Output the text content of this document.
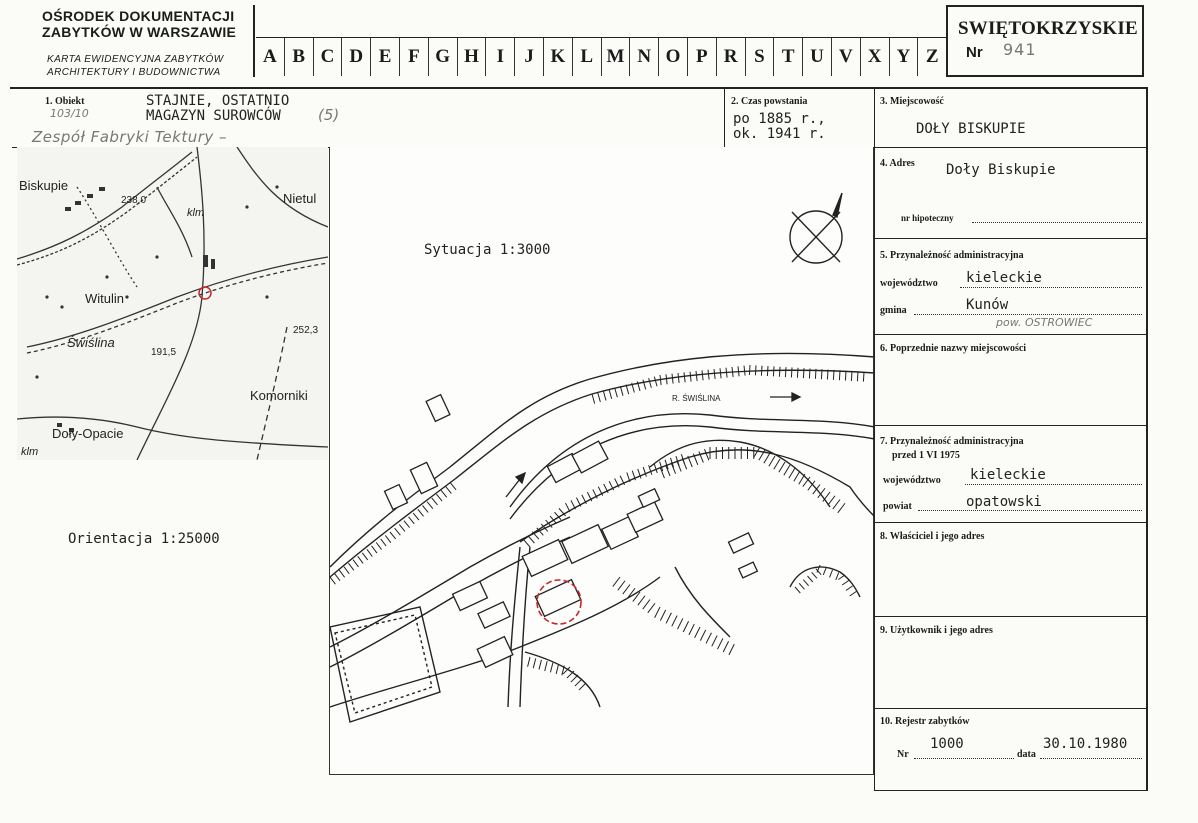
OŚRODEK DOKUMENTACJI
ZABYTKÓW W WARSZAWIE
KARTA EWIDENCYJNA ZABYTKÓW
ARCHITEKTURY I BUDOWNICTWA
A B C D E F G H I	J K L M N O P R S T U V X Y Z
SWIĘTOKRZYSKIE
Nr 941
1. Obiekt
103/10
STAJNIE, OSTATNIO
MAGAZYN SUROWCÓW (5)
Zespół Fabryki Tektury –
2. Czas powstania
po 1885 r.,
ok. 1941 r.
3. Miejscowość
DOŁY BISKUPIE
4. Adres Doły Biskupie
nr hipoteczny
5. Przynależność administracyjna
województwo kieleckie
gmina	Kunów
pow. OSTROWIEC
6. Poprzednie nazwy miejscowości
7. Przynależność administracyjna
przed 1 VI 1975
województwo kieleckie
powiat	opatowski
8. Właściciel i jego adres
9. Użytkownik i jego adres
10. Rejestr zabytków
Nr
1000
data
30.10.1980
Biskupie
Nietul
Witulin
Świślina
Komorniki
Doły-Opacie
klm
klm
238,0
252,3
191,5
Orientacja 1:25000
R. ŚWIŚLINA
Sytuacja 1:3000
